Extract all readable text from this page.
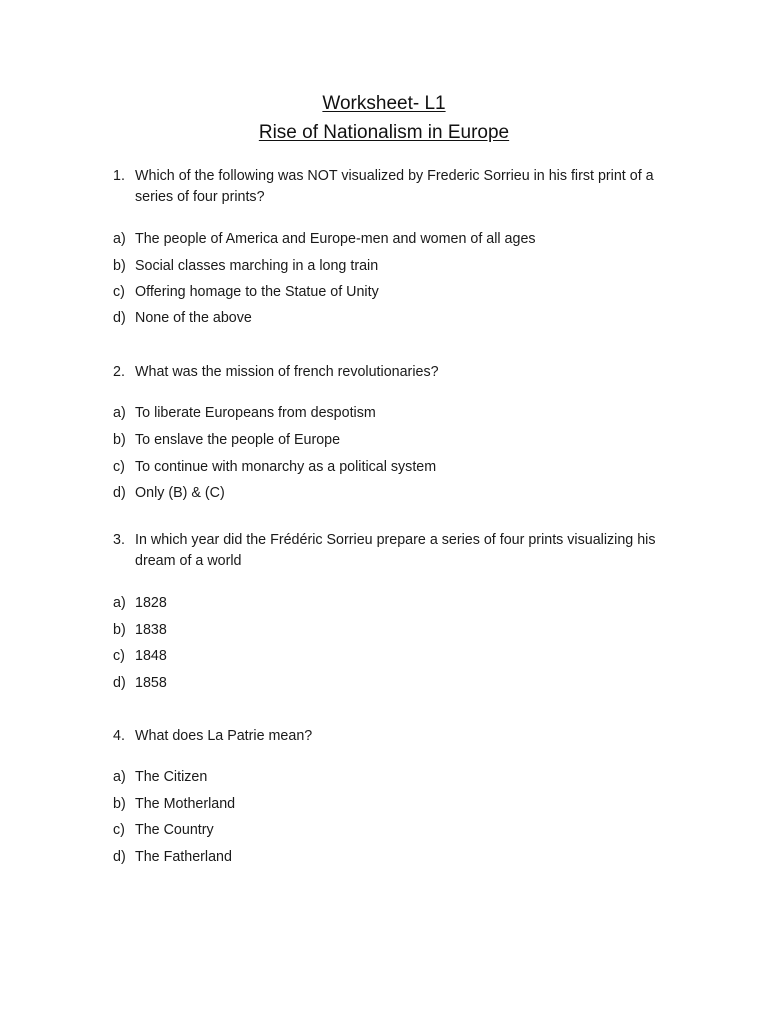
Worksheet- L1
Rise of Nationalism in Europe
1. Which of the following was NOT visualized by Frederic Sorrieu in his first print of a series of four prints?
a) The people of America and Europe-men and women of all ages
b) Social classes marching in a long train
c) Offering homage to the Statue of Unity
d) None of the above
2. What was the mission of french revolutionaries?
a) To liberate Europeans from despotism
b) To enslave the people of Europe
c) To continue with monarchy as a political system
d) Only (B) & (C)
3. In which year did the Frédéric Sorrieu prepare a series of four prints visualizing his dream of a world
a) 1828
b) 1838
c) 1848
d) 1858
4. What does La Patrie mean?
a) The Citizen
b) The Motherland
c) The Country
d) The Fatherland
